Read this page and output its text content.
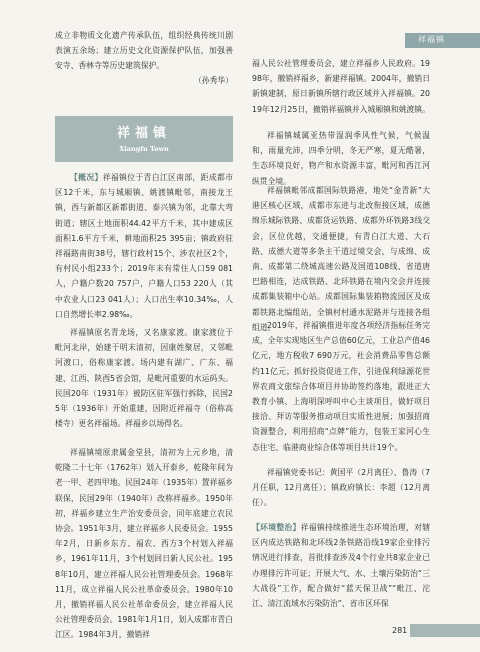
祥福镇

成立非物质文化遗产传承队伍，组织经典传统川剧表演五余场；建立历史文化资源保护队伍，加强善安寺、香林寺等历史建筑保护。

（孙秀华）
祥福镇
Xiangfu Town

【概况】祥福镇位于青白江区南部，距成都市区12千米，东与城厢镇、姚渡镇毗邻，南接龙王镇，西与新都区新都街道、泰兴镇为邻，北靠大弯街道；辖区土地面积44.42平方千米，其中建成区面积1.6平方千米，耕地面积25 395亩；镇政府驻祥福路南街38号，辖行政村15个、涉农社区2个，有村民小组233个；2019年末有常住人口59 081人，户籍户数20 757户，户籍人口53 220人（其中农业人口23 041人）；人口出生率10.34‰，人口自然增长率2.98‰。

祥福镇原名青龙场，又名康家渡。康家渡位于毗河北岸，始建于明末清初，因康姓聚居，又邻毗河渡口，俗称康家渡。场内建有湖广、广东、福建、江西、陕西5省会馆，是毗河重要的水运码头。民国20年（1931年）被防区驻军强行拆除，民国25年（1936年）开始重建，因附近祥福寺（俗称高楼寺）更名祥福场。祥福乡以场得名。

祥福镇境原隶属金堂县，清初为上元乡地，清乾隆二十七年（1762年）划入开泰乡，乾隆年间为老一甲、老四甲地。民国24年（1935年）置祥福乡联保，民国29年（1940年）改称祥福乡。1950年初，祥福乡建立生产治安委员会，同年底建立农民协会。1951年3月，建立祥福乡人民委员会。1955年2月，日新乡东方、福农、西方3个村划入祥福乡，1961年11月，3个村划回日新人民公社。1958年10月，建立祥福人民公社管理委员会。1968年11月，成立祥福人民公社革命委员会。1980年10月，撤销祥福人民公社革命委员会，建立祥福人民公社管理委员会。1981年1月1日，划入成都市青白江区。1984年3月，撤销祥

福人民公社管理委员会，建立祥福乡人民政府。1998年，撤销祥福乡，新建祥福镇。2004年，撤销日新镇建制，原日新镇所辖行政区域并入祥福镇。2019年12月25日，撤销祥福镇并入城厢镇和姚渡镇。

祥福镇城属亚热带湿润季风性气候，气候温和，雨量充沛，四季分明，冬无严寒，夏无酷暑，生态环境良好，物产和水资源丰富，毗河和西江河纵贯全境。

祥福镇毗邻成都国际铁路港，地处“金青新”大港区核心区域，成都市东进与北改衔接区域，成德绵乐城际铁路、成都货运铁路、成都外环铁路3线交会，区位优越，交通便捷，有青白江大道、大石路、成德大道等多条主干道过境交会，与成绵、成南、成都第二绕城高速公路及国道108线、省道唐巴路相连，达成铁路、北环铁路在境内交会并连接成都集装箱中心站。成都国际集装箱物流园区及成都铁路北编组站，全镇村村通水泥路并与连接各组组道。

2019年，祥福镇推进年度各项经济指标任务完成，全年实现地区生产总值60亿元，工业总产值46亿元，地方税收7 690万元，社会消费品零售总额约11亿元；抓好投资促进工作，引进保利绿源花世界农商文旅综合体项目并协助签约落地，跟进正大教育小镇、上海明深呼叫中心主谈项目，做好项目接洽、拜访等服务推动项目实质性进展；加强招商资源整合，利用招商“点牌”能力，包装王家河心生态住宅、临港商业综合体等项目共计19个。

祥福镇党委书记：黄国平（2月离任）、鲁涛（7月任职，12月离任）；镇政府镇长：李超（12月离任）。

【环境整治】祥福镇持续推进生态环境治理，对辖区内成达铁路和北环线2条铁路沿线19家企业排污情况进行排查，首批排查涉及4个行业共8家企业已办理排污许可证；开展大气、水、土壤污染防治“三大战役”工作，配合做好“蓝天保卫战”“毗江、沱江、清江流域水污染防治”、省市区环保

281
